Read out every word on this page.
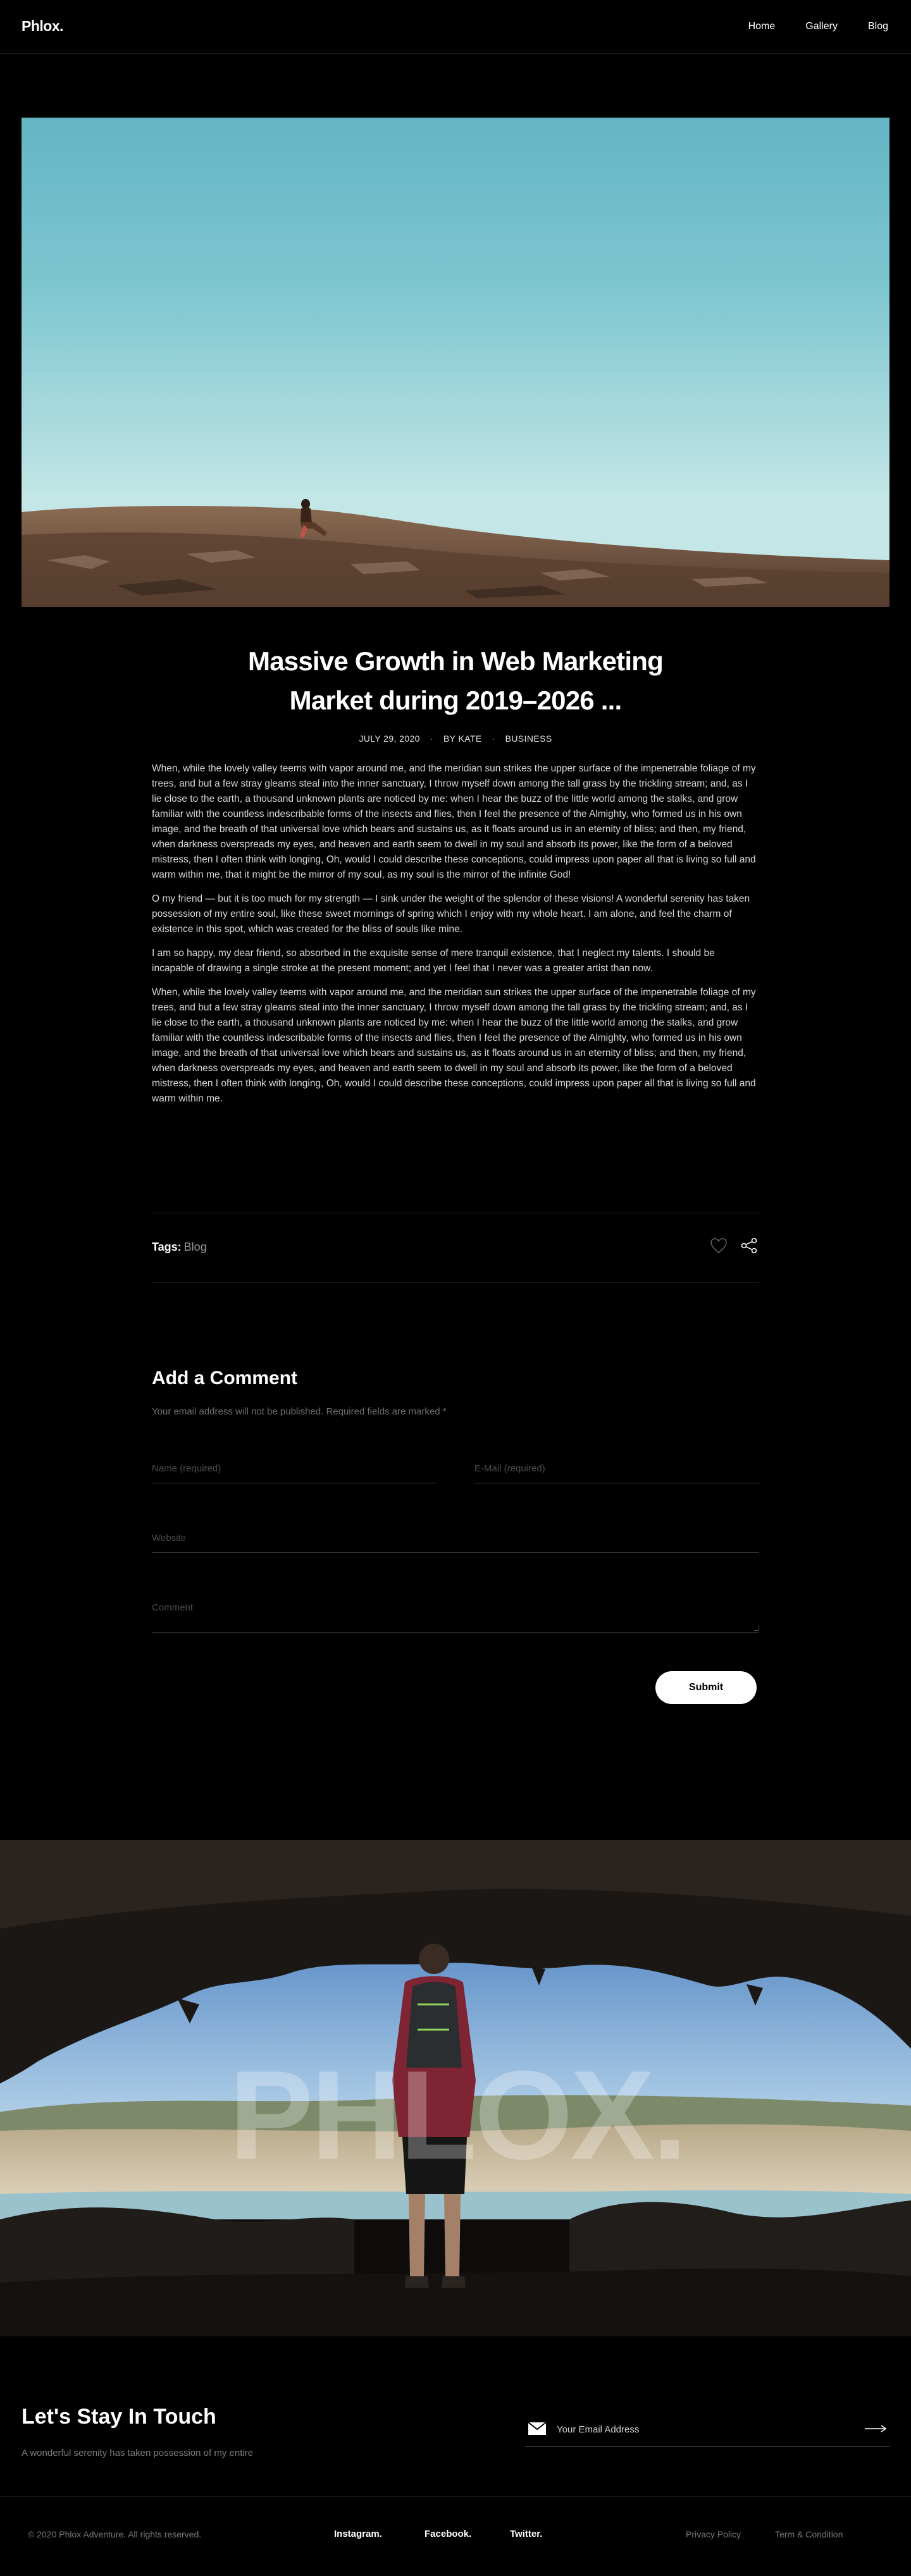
Phlox.	Home	Gallery	Blog
Massive Growth in Web Marketing
Market during 2019–2026 ...
JULY 29, 2020 · BY KATE · BUSINESS

When, while the lovely valley teems with vapor around me, and the meridian sun strikes the upper surface of the impenetrable foliage of my trees, and but a few stray gleams steal into the inner sanctuary, I throw myself down among the tall grass by the trickling stream; and, as I lie close to the earth, a thousand unknown plants are noticed by me: when I hear the buzz of the little world among the stalks, and grow familiar with the countless indescribable forms of the insects and flies, then I feel the presence of the Almighty, who formed us in his own image, and the breath of that universal love which bears and sustains us, as it floats around us in an eternity of bliss; and then, my friend, when darkness overspreads my eyes, and heaven and earth seem to dwell in my soul and absorb its power, like the form of a beloved mistress, then I often think with longing, Oh, would I could describe these conceptions, could impress upon paper all that is living so full and warm within me, that it might be the mirror of my soul, as my soul is the mirror of the infinite God!

O my friend — but it is too much for my strength — I sink under the weight of the splendor of these visions! A wonderful serenity has taken possession of my entire soul, like these sweet mornings of spring which I enjoy with my whole heart. I am alone, and feel the charm of existence in this spot, which was created for the bliss of souls like mine.

I am so happy, my dear friend, so absorbed in the exquisite sense of mere tranquil existence, that I neglect my talents. I should be incapable of drawing a single stroke at the present moment; and yet I feel that I never was a greater artist than now.

When, while the lovely valley teems with vapor around me, and the meridian sun strikes the upper surface of the impenetrable foliage of my trees, and but a few stray gleams steal into the inner sanctuary, I throw myself down among the tall grass by the trickling stream; and, as I lie close to the earth, a thousand unknown plants are noticed by me: when I hear the buzz of the little world among the stalks, and grow familiar with the countless indescribable forms of the insects and flies, then I feel the presence of the Almighty, who formed us in his own image, and the breath of that universal love which bears and sustains us, as it floats around us in an eternity of bliss; and then, my friend, when darkness overspreads my eyes, and heaven and earth seem to dwell in my soul and absorb its power, like the form of a beloved mistress, then I often think with longing, Oh, would I could describe these conceptions, could impress upon paper all that is living so full and warm within me.

Tags: Blog
Add a Comment

Your email address will not be published. Required fields are marked *

Name (required)	E-Mail (required)
Website
Comment
Submit
PHLOX.
Let's Stay In Touch

A wonderful serenity has taken possession of my entire

Your Email Address
© 2020 Phlox Adventure. All rights reserved.	Instagram.	Facebook.	Twitter.	Privacy Policy	Term & Condition
